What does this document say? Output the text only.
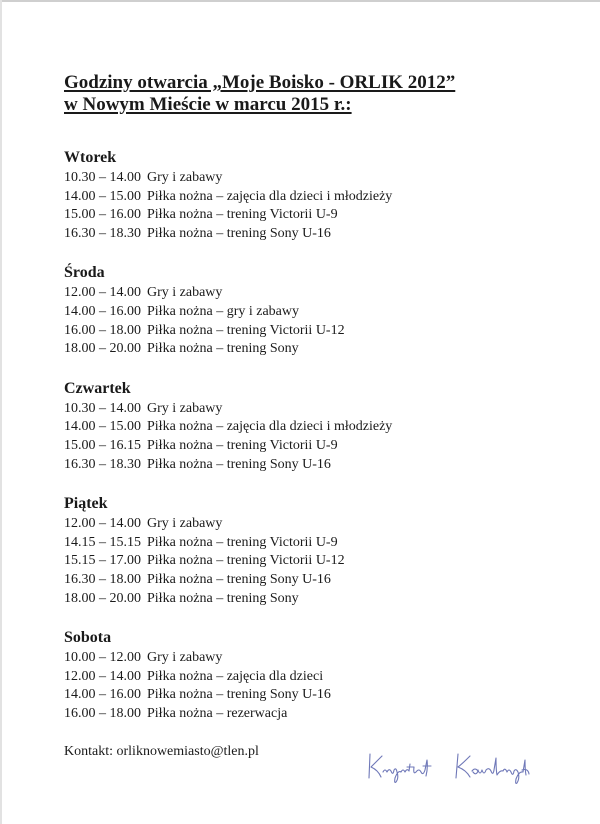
Godziny otwarcia „Moje Boisko - ORLIK 2012”
w Nowym Mieście w marcu 2015 r.:
Wtorek
10.30 – 14.00 Gry i zabawy
14.00 – 15.00 Piłka nożna – zajęcia dla dzieci i młodzieży
15.00 – 16.00 Piłka nożna – trening Victorii U-9
16.30 – 18.30 Piłka nożna – trening Sony U-16
Środa
12.00 – 14.00 Gry i zabawy
14.00 – 16.00 Piłka nożna – gry i zabawy
16.00 – 18.00 Piłka nożna – trening Victorii U-12
18.00 – 20.00 Piłka nożna – trening Sony
Czwartek
10.30 – 14.00 Gry i zabawy
14.00 – 15.00 Piłka nożna – zajęcia dla dzieci i młodzieży
15.00 – 16.15 Piłka nożna – trening Victorii U-9
16.30 – 18.30 Piłka nożna – trening Sony U-16
Piątek
12.00 – 14.00 Gry i zabawy
14.15 – 15.15 Piłka nożna – trening Victorii U-9
15.15 – 17.00 Piłka nożna – trening Victorii U-12
16.30 – 18.00 Piłka nożna – trening Sony U-16
18.00 – 20.00 Piłka nożna – trening Sony
Sobota
10.00 – 12.00 Gry i zabawy
12.00 – 14.00 Piłka nożna – zajęcia dla dzieci
14.00 – 16.00 Piłka nożna – trening Sony U-16
16.00 – 18.00 Piłka nożna – rezerwacja
Kontakt: orliknowemiasto@tlen.pl
